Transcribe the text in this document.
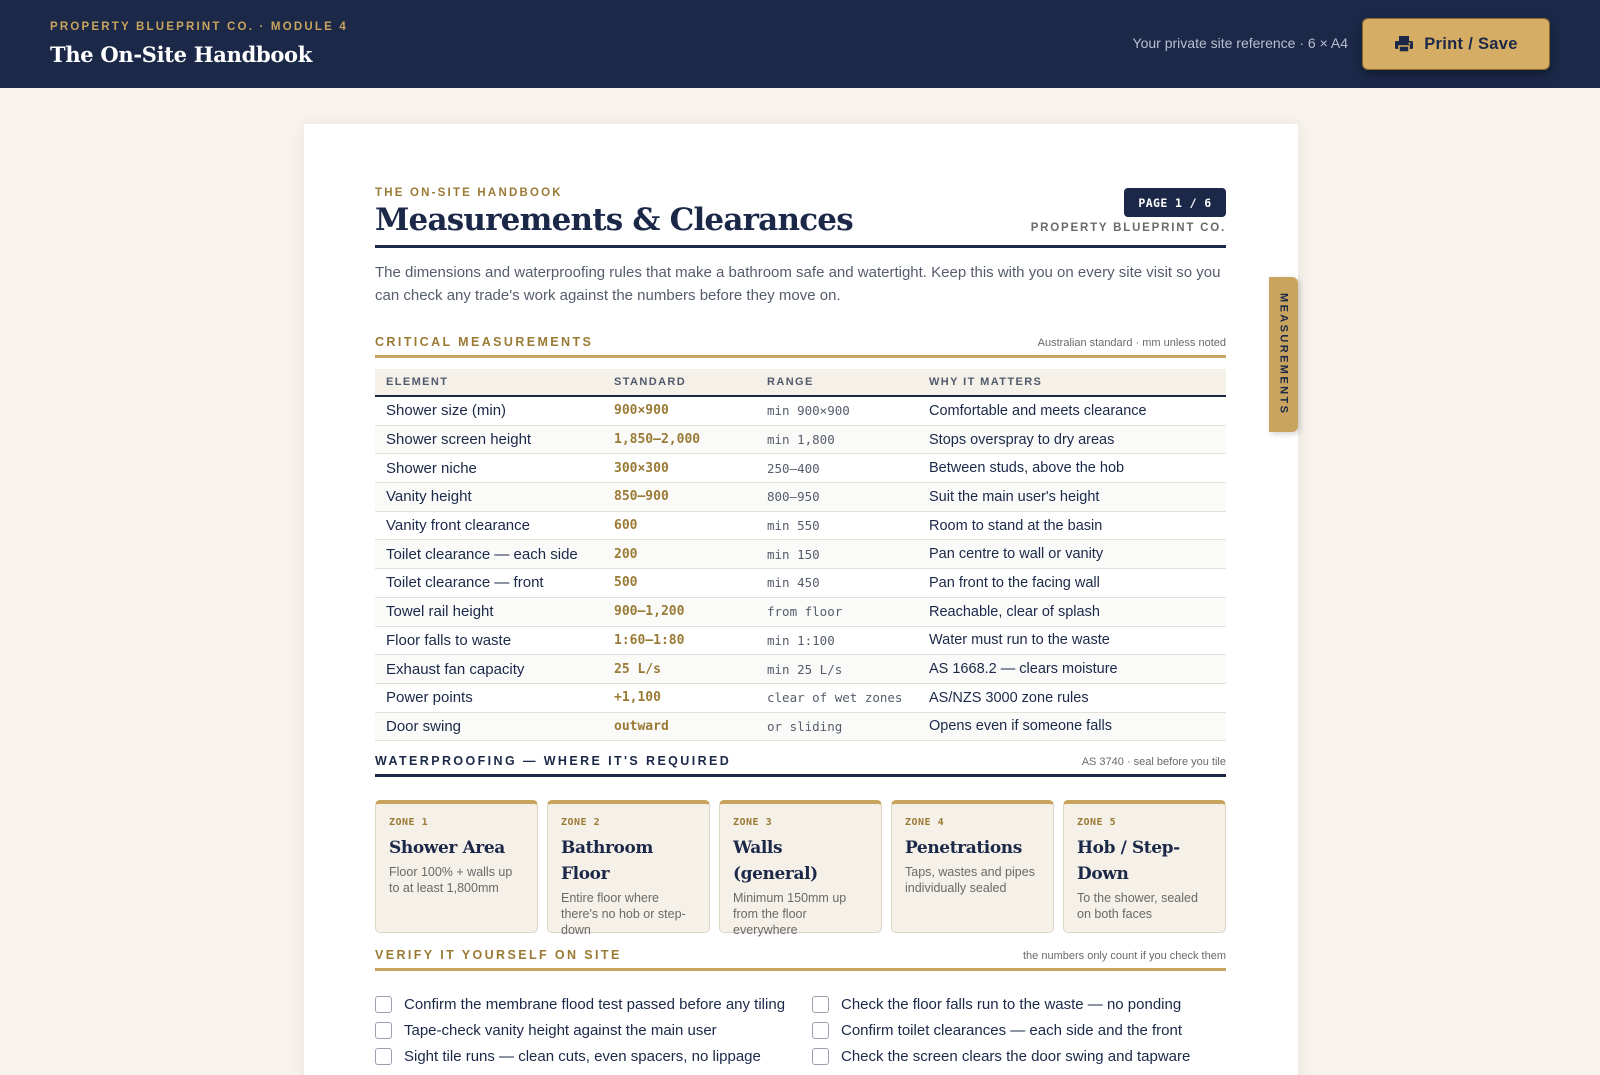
PROPERTY BLUEPRINT CO. · MODULE 4
The On-Site Handbook	Your private site reference · 6 × A4	Print / Save
MEASUREMENTS
THE ON-SITE HANDBOOK
Measurements & Clearances	PAGE 1 / 6
PROPERTY BLUEPRINT CO.

The dimensions and waterproofing rules that make a bathroom safe and watertight. Keep this with you on every site visit so you can check any trade's work against the numbers before they move on.

CRITICAL MEASUREMENTS	Australian standard · mm unless noted
ELEMENT	STANDARD	RANGE	WHY IT MATTERS
Shower size (min)	900×900	min 900×900	Comfortable and meets clearance
Shower screen height	1,850–2,000	min 1,800	Stops overspray to dry areas
Shower niche	300×300	250–400	Between studs, above the hob
Vanity height	850–900	800–950	Suit the main user's height
Vanity front clearance	600	min 550	Room to stand at the basin
Toilet clearance — each side	200	min 150	Pan centre to wall or vanity
Toilet clearance — front	500	min 450	Pan front to the facing wall
Towel rail height	900–1,200	from floor	Reachable, clear of splash
Floor falls to waste	1:60–1:80	min 1:100	Water must run to the waste
Exhaust fan capacity	25 L/s	min 25 L/s	AS 1668.2 — clears moisture
Power points	+1,100	clear of wet zones	AS/NZS 3000 zone rules
Door swing	outward	or sliding	Opens even if someone falls
WATERPROOFING — WHERE IT'S REQUIRED	AS 3740 · seal before you tile
ZONE 1
Shower Area
Floor 100% + walls up to at least 1,800mm
ZONE 2
Bathroom Floor
Entire floor where there's no hob or step-down
ZONE 3
Walls (general)
Minimum 150mm up from the floor everywhere
ZONE 4
Penetrations
Taps, wastes and pipes individually sealed
ZONE 5
Hob / Step-Down
To the shower, sealed on both faces
VERIFY IT YOURSELF ON SITE	the numbers only count if you check them
Confirm the membrane flood test passed before any tiling
Tape-check vanity height against the main user
Sight tile runs — clean cuts, even spacers, no lippage
Check the floor falls run to the waste — no ponding
Confirm toilet clearances — each side and the front
Check the screen clears the door swing and tapware
